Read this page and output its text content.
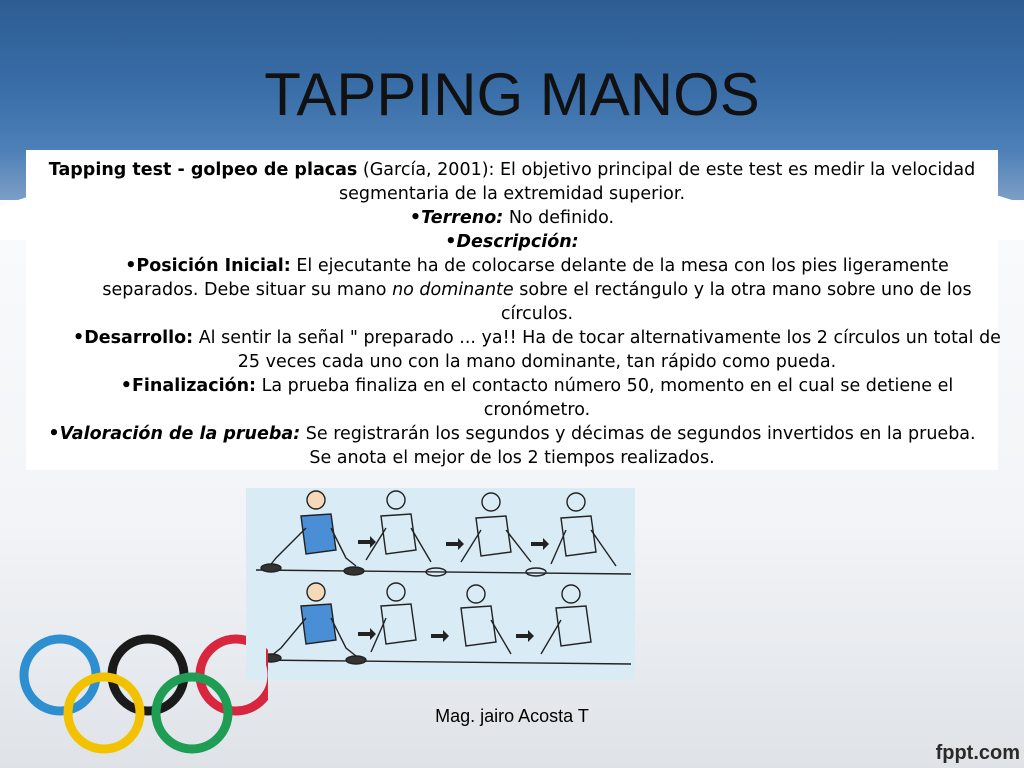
TAPPING MANOS
Tapping test - golpeo de placas (García, 2001): El objetivo principal de este test es medir la velocidad segmentaria de la extremidad superior.
•Terreno: No definido.
•Descripción:
•Posición Inicial: El ejecutante ha de colocarse delante de la mesa con los pies ligeramente separados. Debe situar su mano no dominante sobre el rectángulo y la otra mano sobre uno de los círculos.
•Desarrollo: Al sentir la señal " preparado ... ya!! Ha de tocar alternativamente los 2 círculos un total de 25 veces cada uno con la mano dominante, tan rápido como pueda.
•Finalización: La prueba finaliza en el contacto número 50, momento en el cual se detiene el cronómetro.
•Valoración de la prueba: Se registrarán los segundos y décimas de segundos invertidos en la prueba. Se anota el mejor de los 2 tiempos realizados.
Mag. jairo Acosta T
fppt.com
